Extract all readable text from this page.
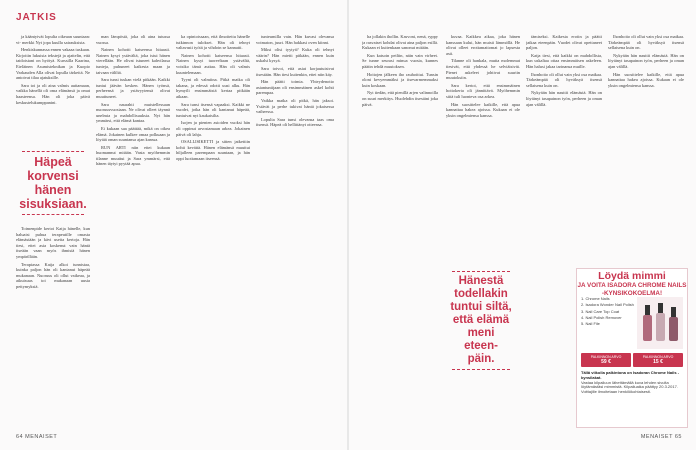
JATKIS

ja kääntyivät lopulta oikeaan suuntaan: vi- merkki Nyt jopa kuulla sairauksista.

Henkiskunnassa ennen vakaaa tuskaan. Kirjoitin lukuisia tekstejä ja ajattelin, että taidoistani on hyötyä. Kurssilla Kaarina, Eteläinen Asumisteknikan ja Kuopio Varkauden Alla olivat lopulla tärkeitä. Ne antoivat tilaa ajatuksille.

Sara toi ja oli aina valmis auttamaan, vaikka hänellä oli oma elämänsä ja omat haasteensa. Hän oli joka päivä keskustelukumppanini.

Häpeä
korvensi
hänen
sisuksiaan.

Toimenpide kertoi Katja hänelle, kun haluaisi puhua terapeutille omasta elämästään ja kävi useita kertoja. Hän tiesi, ettei asia koskenut vain häntä itseään vaan myös ihmisiä hänen ympärillään.

Terapiassa Katja alkoi tunnistaa, kuinka paljon hän oli kantanut häpeää mukanaan. Nuoruus oli ollut vaikeaa, ja aikuisuus toi mukanaan uusia pettymyksiä.

man lämpöstä, joka oli aina tutussa vuossa.

Nainen kohotti katseensa hitaasti. Nainen kysyi ystävältä, joka istui hänen vierellään. He olivat istuneet kahvilassa tunteja, puhuneet kaikesta maan ja taivaan väliltä.

Sara tunsi tuskan vielä pitkään. Kaikki tuntui jäävän kesken. Hänen työnsä, perheensä ja ystävyytensä olivat muuttuneet.

Sara naurahti muistellessaan nuoruusvuosiaan. Ne olivat olleet täynnä unelmia ja mahdollisuuksia. Nyt hän ymmärsi, että elämä kantaa.

Ei kukaan saa päättää, mikä on oikea elämä. Jokainen kulkee omaa polkuaan ja löytää oman suuntansa ajan kanssa.

RUN ARTI niin ettei kukaan huomannut mitään. Vasta myöhemmin tilanne muuttui ja Sara ymmärsi, että hänen täytyi pyytää apua.

ka opintoissaan, että ilmoitettu hänelle tutkinnon tulokset. Hän oli tehnyt valtavasti työtä ja vihdoin se kannatti.

Nainen kohotti katseensa hitaasti. Nainen kysyi tuoreeltaan ystävältä, voisiko tämä auttaa. Hän oli valmis kuuntelemaan.

Tyyni oli valmiina. Pitkä matka oli takana, ja edessä odotti uusi alku. Hän hymyili ensimmäistä kertaa pitkään aikaan.

Sara tunsi itsensä vapaaksi. Kaikki ne vuodet, jotka hän oli kantanut häpeää, tuntuivat nyt kaukaisilta.

Isojen ja pienten asioiden vuoksi hän oli oppinut arvostamaan arkea. Jokainen päivä oli lahja.

OSALLISIKETTI ja sitten jatkettiin kohti kevättä. Hänen elämänsä muuttui hiljalleen parempaan suuntaan, ja hän oppi luottamaan itseensä.

tunteumilla vain. Hän kuvasi olevansa voimaton, juuri. Hän hakkasi oven kiinni.

Miksi olisi tyytyä? Kuka oli tehnyt väärin? Hän mietti pitkään, ennen kuin uskalsi kysyä.

Sara toivoi, että asiat korjautuisivat itsestään. Hän tiesi kuitenkin, ettei niin käy.

Hän päätti toimia. Yhteydenotto asiantuntijaan oli ensimmäinen askel kohti parempaa.

Vaikka matka oli pitkä, hän jaksoi. Ystävät ja perhe tukivat häntä jokaisessa vaiheessa.

Lopulta Sara tunsi olevansa taas oma itsensä. Häpeä oli hellittänyt otteensa.

64 MENAISET

ha jollakin ihollin. Kasvoni, nenä, ryppy ja rasvaiset kohdat olivat aina paljon esillä. Kukaan ei kuitenkaan sanonut mitään.

Kun katsoin peiliin, näin vain virheet. Se tunne seurasi minua vuosia, kunnes päätin tehdä muutoksen.

Hoitojen jälkeen iho rauhoittui. Tunsin oloni kevyemmäksi ja itsevarmemmaksi kuin koskaan.

Nyt tiedän, että pienillä arjen valinnoilla on suuri merkitys. Huolehdin itsestäni joka päivä.

Hänestä
todellakin
tuntui siltä,
että elämä
meni
eteen-
päin.

kuvaa. Kaikkea aikaa, joka hänen kanssaan kului, hän muisti lämmöllä. He olivat olleet erottamattomat jo lapsesta asti.

Tilanne oli hankala, mutta molemmat tiesivät, että yhdessä he selviäisivät. Pienet askeleet johtivat suuriin muutoksiin.

Sara kertoi, että ensimmäinen hoitokerta oli jännittävä. Myöhemmin siitä tuli luonteva osa arkea.

Hän suosittelee kaikille, että apua kannattaa hakea ajoissa. Kukaan ei ole yksin ongelmiensa kanssa.

tämiseksi. Kaikesta erotin ja päätti jatkaa eteenpäin. Vuodet olivat opettaneet paljon.

Katja tiesi, että kaikki on mahdollista, kun uskaltaa ottaa ensimmäisen askeleen. Hän halusi jakaa tarinansa muille.

Ihonhoito oli ollut vain yksi osa matkaa. Tärkeämpää oli hyväksyä itsensä sellaisena kuin on.

Nykyään hän nauttii elämästä. Hän on löytänyt tasapainon työn, perheen ja oman ajan välillä.

Ihonhoito oli ollut vain yksi osa matkaa. Tärkeämpää oli hyväksyä itsensä sellaisena kuin on.

Nykyään hän nauttii elämästä. Hän on löytänyt tasapainon työn, perheen ja oman ajan välillä.

Hän suosittelee kaikille, että apua kannattaa hakea ajoissa. Kukaan ei ole yksin ongelmiensa kanssa.

Löydä mimmi
JA VOITA ISADORA CHROME NAILS -KYNSIKOKOELMA!
1. Chrome Nails
2. Isadora Wonder Nail Polish
3. Nail Care Top Coat
4. Nail Polish Remover
5. Nail File
PALKINNON ARVO
59 €
PALKINNON ARVO
15 €
Tällä viikolla palkintona on Isadoran Chrome Nails -kynsilakat.
Vastaa kilpailuun lähettämällä kuva lehden sivulta löytämästäsi mimmistä. Kilpailuaika päättyy 20.3.2017. Voittajille ilmoitetaan henkilökohtaisesti.
MENAISET 65
